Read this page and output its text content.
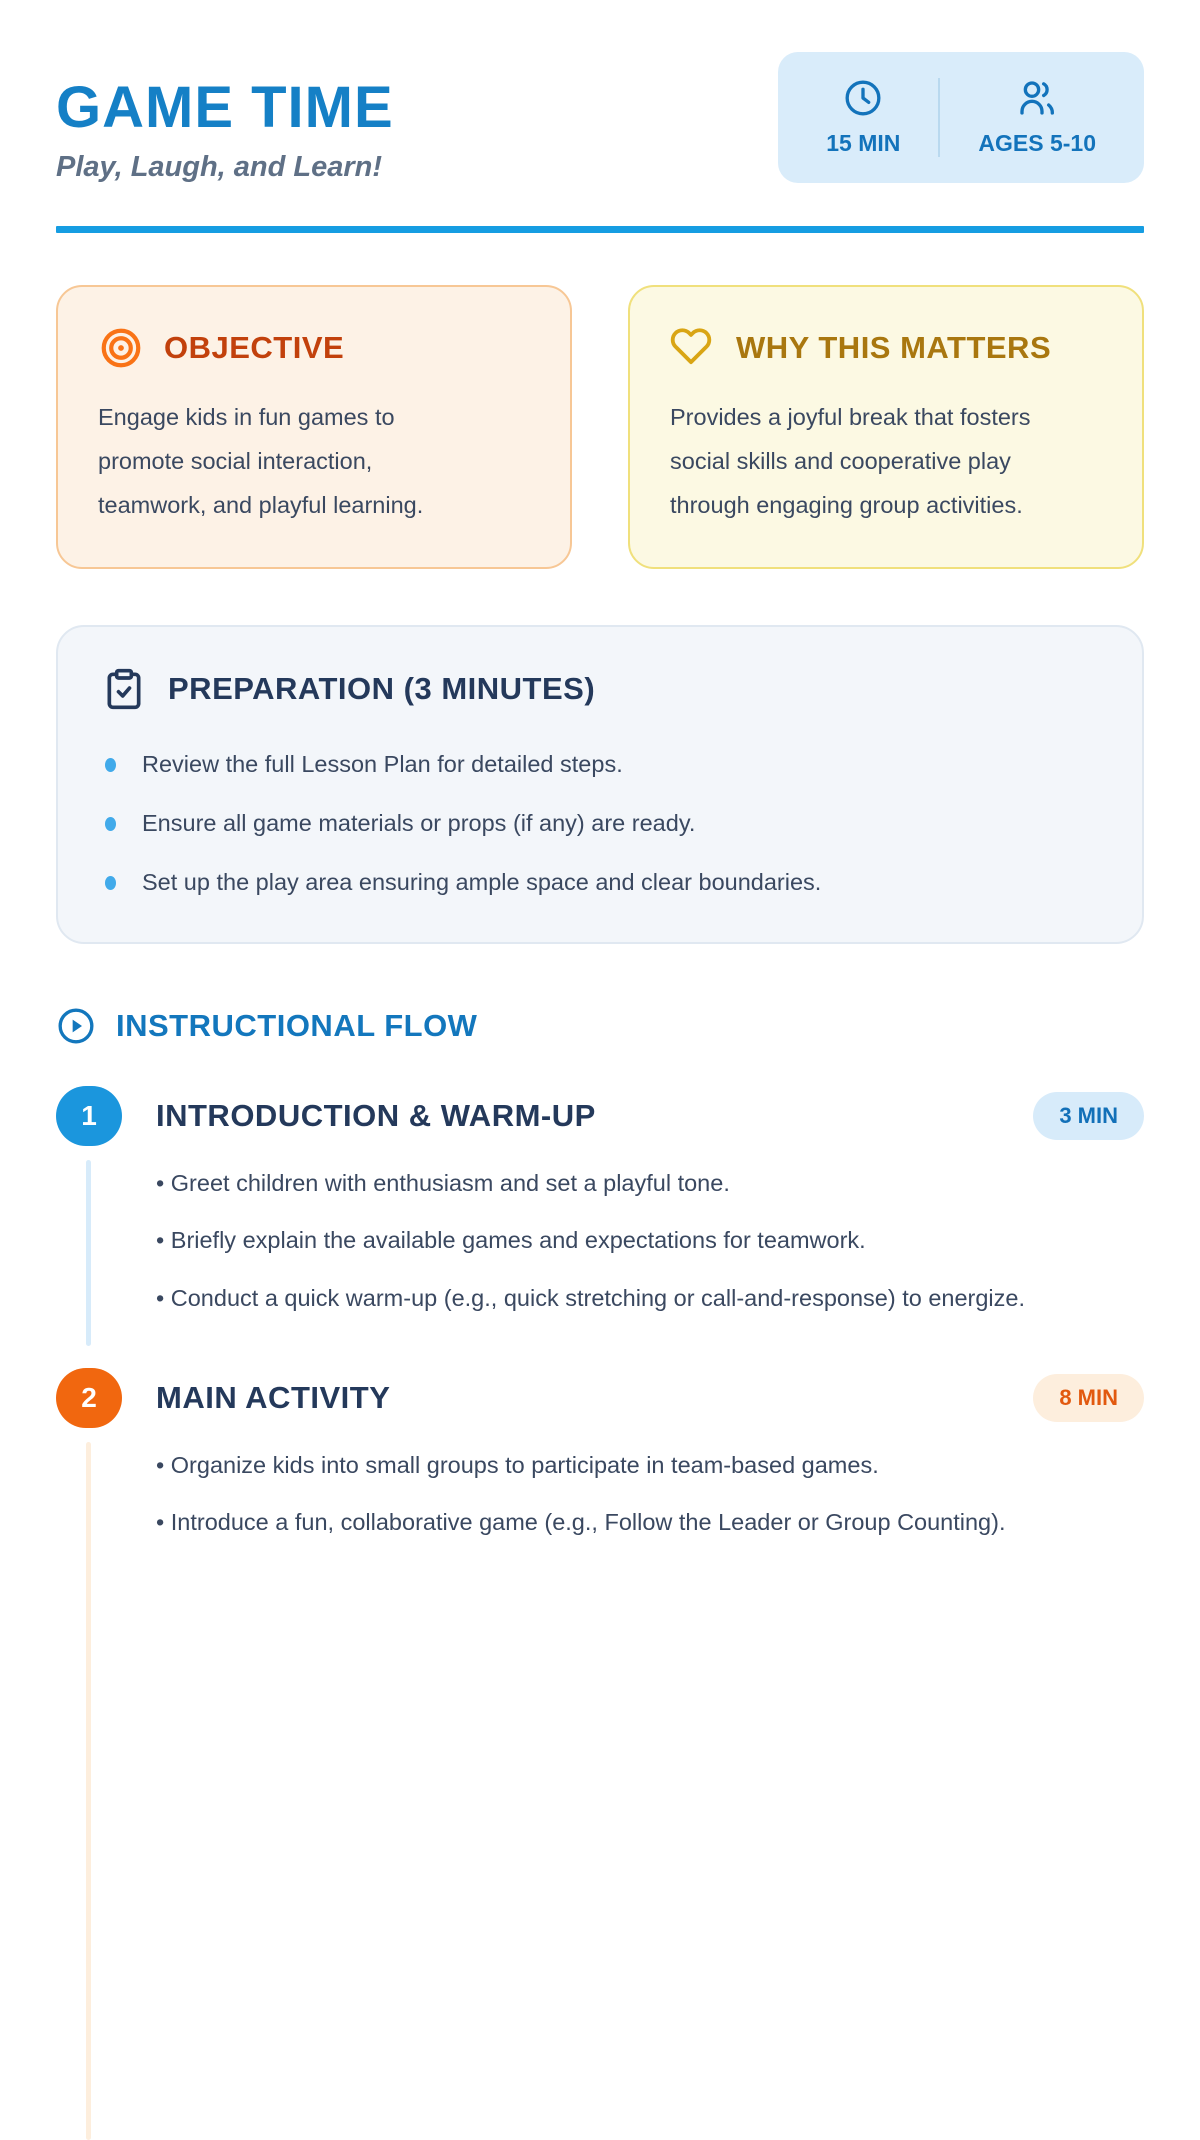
GAME TIME
Play, Laugh, and Learn!
15 MIN	AGES 5-10
OBJECTIVE

Engage kids in fun games to promote social interaction, teamwork, and playful learning.

WHY THIS MATTERS

Provides a joyful break that fosters social skills and cooperative play through engaging group activities.

PREPARATION (3 MINUTES)
Review the full Lesson Plan for detailed steps.
Ensure all game materials or props (if any) are ready.
Set up the play area ensuring ample space and clear boundaries.
INSTRUCTIONAL FLOW
1	INTRODUCTION & WARM-UP	3 MIN

• Greet children with enthusiasm and set a playful tone.

• Briefly explain the available games and expectations for teamwork.

• Conduct a quick warm-up (e.g., quick stretching or call-and-response) to energize.

2	MAIN ACTIVITY	8 MIN

• Organize kids into small groups to participate in team-based games.

• Introduce a fun, collaborative game (e.g., Follow the Leader or Group Counting).
